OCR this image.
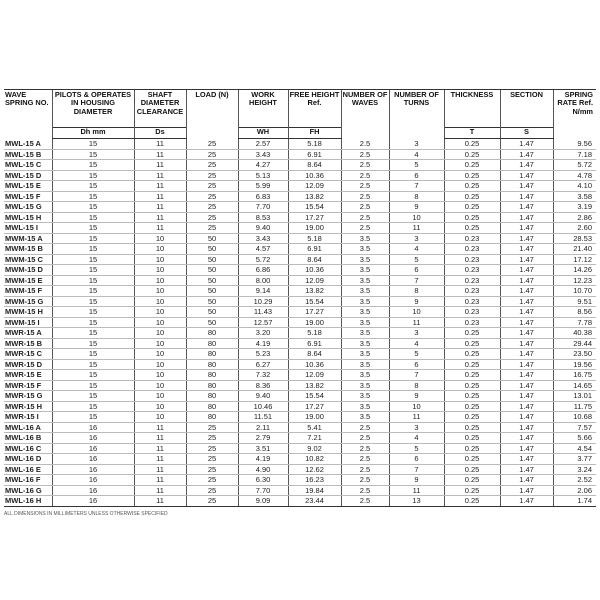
WAVE SPRING NO.	PILOTS & OPERATES IN HOUSING DIAMETER	SHAFT DIAMETER CLEARANCE	LOAD (N)	WORK HEIGHT	FREE HEIGHT Ref.	NUMBER OF WAVES	NUMBER OF TURNS	THICKNESS	SECTION	SPRING RATE Ref. N/mm
	Dh mm	Ds		WH	FH			T	S	
MWL-15 A	15	11	25	2.57	5.18	2.5	3	0.25	1.47	9.56
MWL-15 B	15	11	25	3.43	6.91	2.5	4	0.25	1.47	7.18
MWL-15 C	15	11	25	4.27	8.64	2.5	5	0.25	1.47	5.72
MWL-15 D	15	11	25	5.13	10.36	2.5	6	0.25	1.47	4.78
MWL-15 E	15	11	25	5.99	12.09	2.5	7	0.25	1.47	4.10
MWL-15 F	15	11	25	6.83	13.82	2.5	8	0.25	1.47	3.58
MWL-15 G	15	11	25	7.70	15.54	2.5	9	0.25	1.47	3.19
MWL-15 H	15	11	25	8.53	17.27	2.5	10	0.25	1.47	2.86
MWL-15 I	15	11	25	9.40	19.00	2.5	11	0.25	1.47	2.60
MWM-15 A	15	10	50	3.43	5.18	3.5	3	0.23	1.47	28.53
MWM-15 B	15	10	50	4.57	6.91	3.5	4	0.23	1.47	21.40
MWM-15 C	15	10	50	5.72	8.64	3.5	5	0.23	1.47	17.12
MWM-15 D	15	10	50	6.86	10.36	3.5	6	0.23	1.47	14.26
MWM-15 E	15	10	50	8.00	12.09	3.5	7	0.23	1.47	12.23
MWM-15 F	15	10	50	9.14	13.82	3.5	8	0.23	1.47	10.70
MWM-15 G	15	10	50	10.29	15.54	3.5	9	0.23	1.47	9.51
MWM-15 H	15	10	50	11.43	17.27	3.5	10	0.23	1.47	8.56
MWM-15 I	15	10	50	12.57	19.00	3.5	11	0.23	1.47	7.78
MWR-15 A	15	10	80	3.20	5.18	3.5	3	0.25	1.47	40.38
MWR-15 B	15	10	80	4.19	6.91	3.5	4	0.25	1.47	29.44
MWR-15 C	15	10	80	5.23	8.64	3.5	5	0.25	1.47	23.50
MWR-15 D	15	10	80	6.27	10.36	3.5	6	0.25	1.47	19.56
MWR-15 E	15	10	80	7.32	12.09	3.5	7	0.25	1.47	16.75
MWR-15 F	15	10	80	8.36	13.82	3.5	8	0.25	1.47	14.65
MWR-15 G	15	10	80	9.40	15.54	3.5	9	0.25	1.47	13.01
MWR-15 H	15	10	80	10.46	17.27	3.5	10	0.25	1.47	11.75
MWR-15 I	15	10	80	11.51	19.00	3.5	11	0.25	1.47	10.68
MWL-16 A	16	11	25	2.11	5.41	2.5	3	0.25	1.47	7.57
MWL-16 B	16	11	25	2.79	7.21	2.5	4	0.25	1.47	5.66
MWL-16 C	16	11	25	3.51	9.02	2.5	5	0.25	1.47	4.54
MWL-16 D	16	11	25	4.19	10.82	2.5	6	0.25	1.47	3.77
MWL-16 E	16	11	25	4.90	12.62	2.5	7	0.25	1.47	3.24
MWL-16 F	16	11	25	6.30	16.23	2.5	9	0.25	1.47	2.52
MWL-16 G	16	11	25	7.70	19.84	2.5	11	0.25	1.47	2.06
MWL-16 H	16	11	25	9.09	23.44	2.5	13	0.25	1.47	1.74
ALL DIMENSIONS IN MILLIMETERS UNLESS OTHERWISE SPECIFIED
